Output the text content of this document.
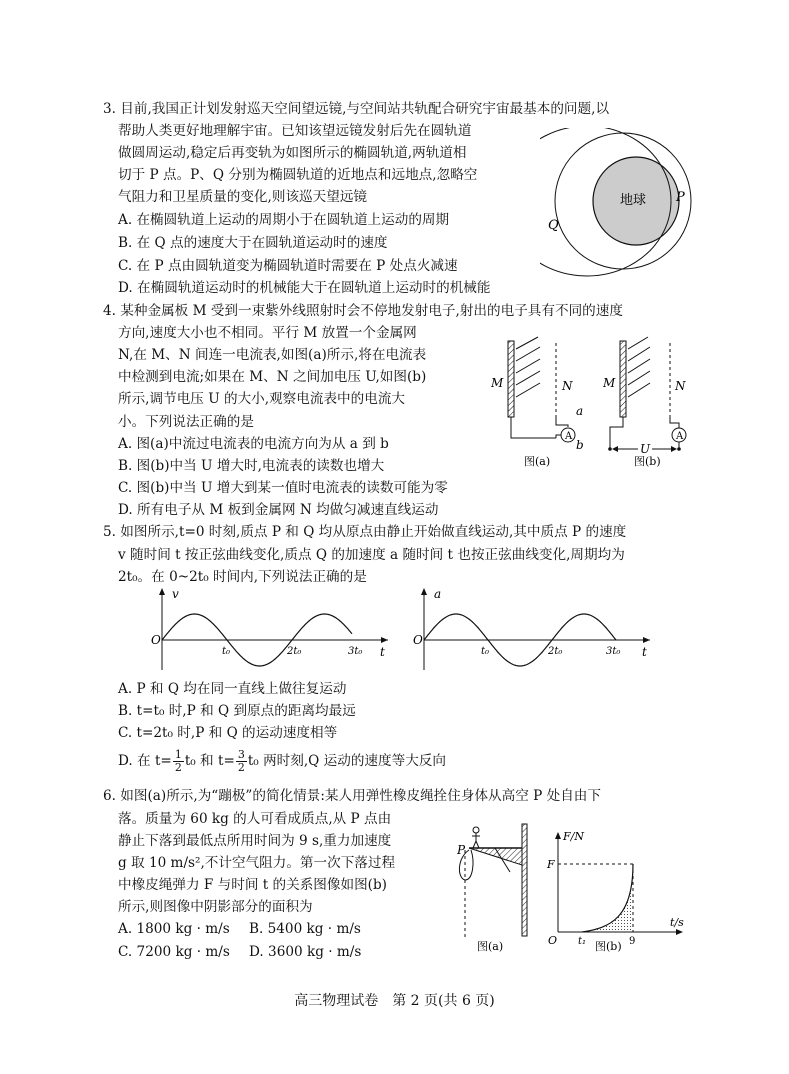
3. 目前,我国正计划发射巡天空间望远镜,与空间站共轨配合研究宇宙最基本的问题,以
帮助人类更好地理解宇宙。已知该望远镜发射后先在圆轨道
做圆周运动,稳定后再变轨为如图所示的椭圆轨道,两轨道相
切于 P 点。P、Q 分别为椭圆轨道的近地点和远地点,忽略空
气阻力和卫星质量的变化,则该巡天望远镜
A. 在椭圆轨道上运动的周期小于在圆轨道上运动的周期
B. 在 Q 点的速度大于在圆轨道运动时的速度
C. 在 P 点由圆轨道变为椭圆轨道时需要在 P 处点火减速
D. 在椭圆轨道运动时的机械能大于在圆轨道上运动时的机械能
地球 P
Q
4. 某种金属板 M 受到一束紫外线照射时会不停地发射电子,射出的电子具有不同的速度
方向,速度大小也不相同。平行 M 放置一个金属网
N,在 M、N 间连一电流表,如图(a)所示,将在电流表
中检测到电流;如果在 M、N 之间加电压 U,如图(b)
所示,调节电压 U 的大小,观察电流表中的电流大
小。下列说法正确的是
A. 图(a)中流过电流表的电流方向为从 a 到 b
B. 图(b)中当 U 增大时,电流表的读数也增大
C. 图(b)中当 U 增大到某一值时电流表的读数可能为零
D. 所有电子从 M 板到金属网 N 均做匀减速直线运动
A
M	N
a
b
图(a)
A
U
M	N
图(b)
5. 如图所示,t=0 时刻,质点 P 和 Q 均从原点由静止开始做直线运动,其中质点 P 的速度
v 随时间 t 按正弦曲线变化,质点 Q 的加速度 a 随时间 t 也按正弦曲线变化,周期均为
2t₀。在 0~2t₀ 时间内,下列说法正确的是
v
O
t
t₀	2t₀	3t₀
a
O
t
t₀	2t₀	3t₀
A. P 和 Q 均在同一直线上做往复运动
B. t=t₀ 时,P 和 Q 到原点的距离均最远
C. t=2t₀ 时,P 和 Q 的运动速度相等
D. 在 $t= \frac{1}{2} t_0$ 和 $t= \frac{3}{2} t_0$ 两时刻,Q 运动的速度等大反向
6. 如图(a)所示,为“蹦极”的简化情景:某人用弹性橡皮绳拴住身体从高空 P 处自由下
落。质量为 60 kg 的人可看成质点,从 P 点由
静止下落到最低点所用时间为 9 s,重力加速度
g 取 10 m/s²,不计空气阻力。第一次下落过程
中橡皮绳弹力 F 与时间 t 的关系图像如图(b)
所示,则图像中阴影部分的面积为
A. 1800 kg · m/s B. 5400 kg · m/s
C. 7200 kg · m/s D. 3600 kg · m/s
P
图(a)
F/N
t/s
F
O t₁	9
图(b)
高三物理试卷　第 2 页(共 6 页)
